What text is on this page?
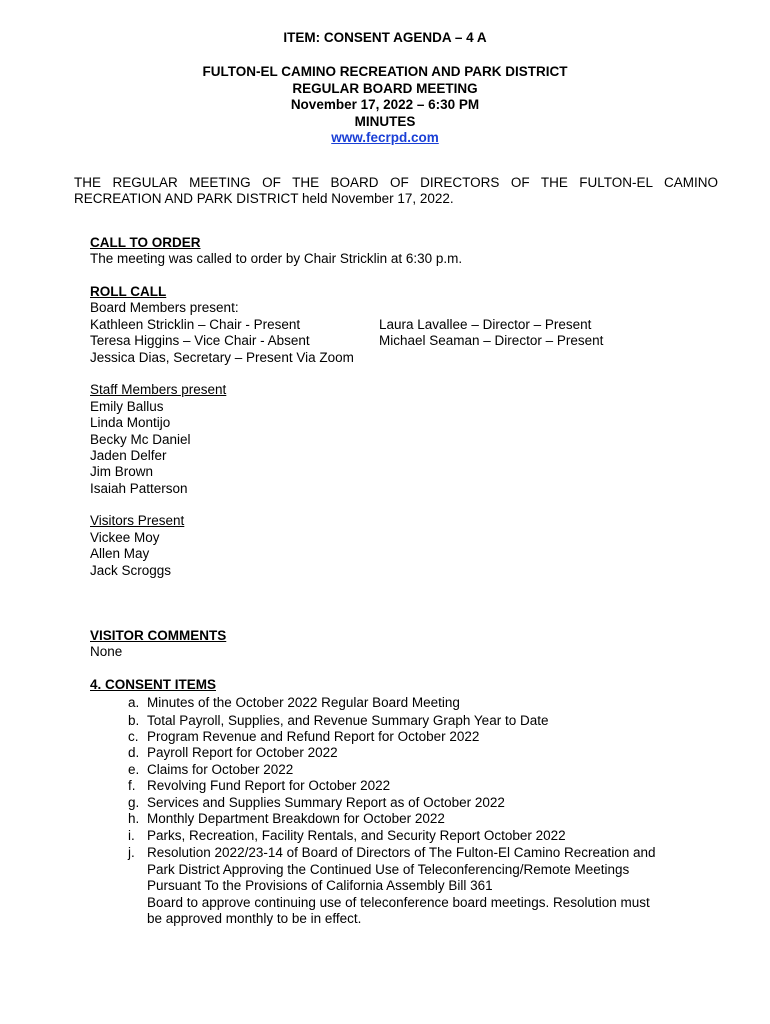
ITEM: CONSENT AGENDA – 4 A
FULTON-EL CAMINO RECREATION AND PARK DISTRICT
REGULAR BOARD MEETING
November 17, 2022 – 6:30 PM
MINUTES
www.fecrpd.com
THE REGULAR MEETING OF THE BOARD OF DIRECTORS OF THE FULTON-EL CAMINO
RECREATION AND PARK DISTRICT held November 17, 2022.
CALL TO ORDER
The meeting was called to order by Chair Stricklin at 6:30 p.m.
ROLL CALL
Board Members present:
Kathleen Stricklin – Chair - Present
Teresa Higgins – Vice Chair - Absent
Jessica Dias, Secretary – Present Via Zoom
Laura Lavallee – Director – Present
Michael Seaman – Director – Present
Staff Members present
Emily Ballus
Linda Montijo
Becky Mc Daniel
Jaden Delfer
Jim Brown
Isaiah Patterson
Visitors Present
Vickee Moy
Allen May
Jack Scroggs
VISITOR COMMENTS
None
4. CONSENT ITEMS
a. Minutes of the October 2022 Regular Board Meeting
b. Total Payroll, Supplies, and Revenue Summary Graph Year to Date
c. Program Revenue and Refund Report for October 2022
d. Payroll Report for October 2022
e. Claims for October 2022
f. Revolving Fund Report for October 2022
g. Services and Supplies Summary Report as of October 2022
h. Monthly Department Breakdown for October 2022
i. Parks, Recreation, Facility Rentals, and Security Report October 2022
j. Resolution 2022/23-14 of Board of Directors of The Fulton-El Camino Recreation and
Park District Approving the Continued Use of Teleconferencing/Remote Meetings
Pursuant To the Provisions of California Assembly Bill 361
Board to approve continuing use of teleconference board meetings. Resolution must
be approved monthly to be in effect.
